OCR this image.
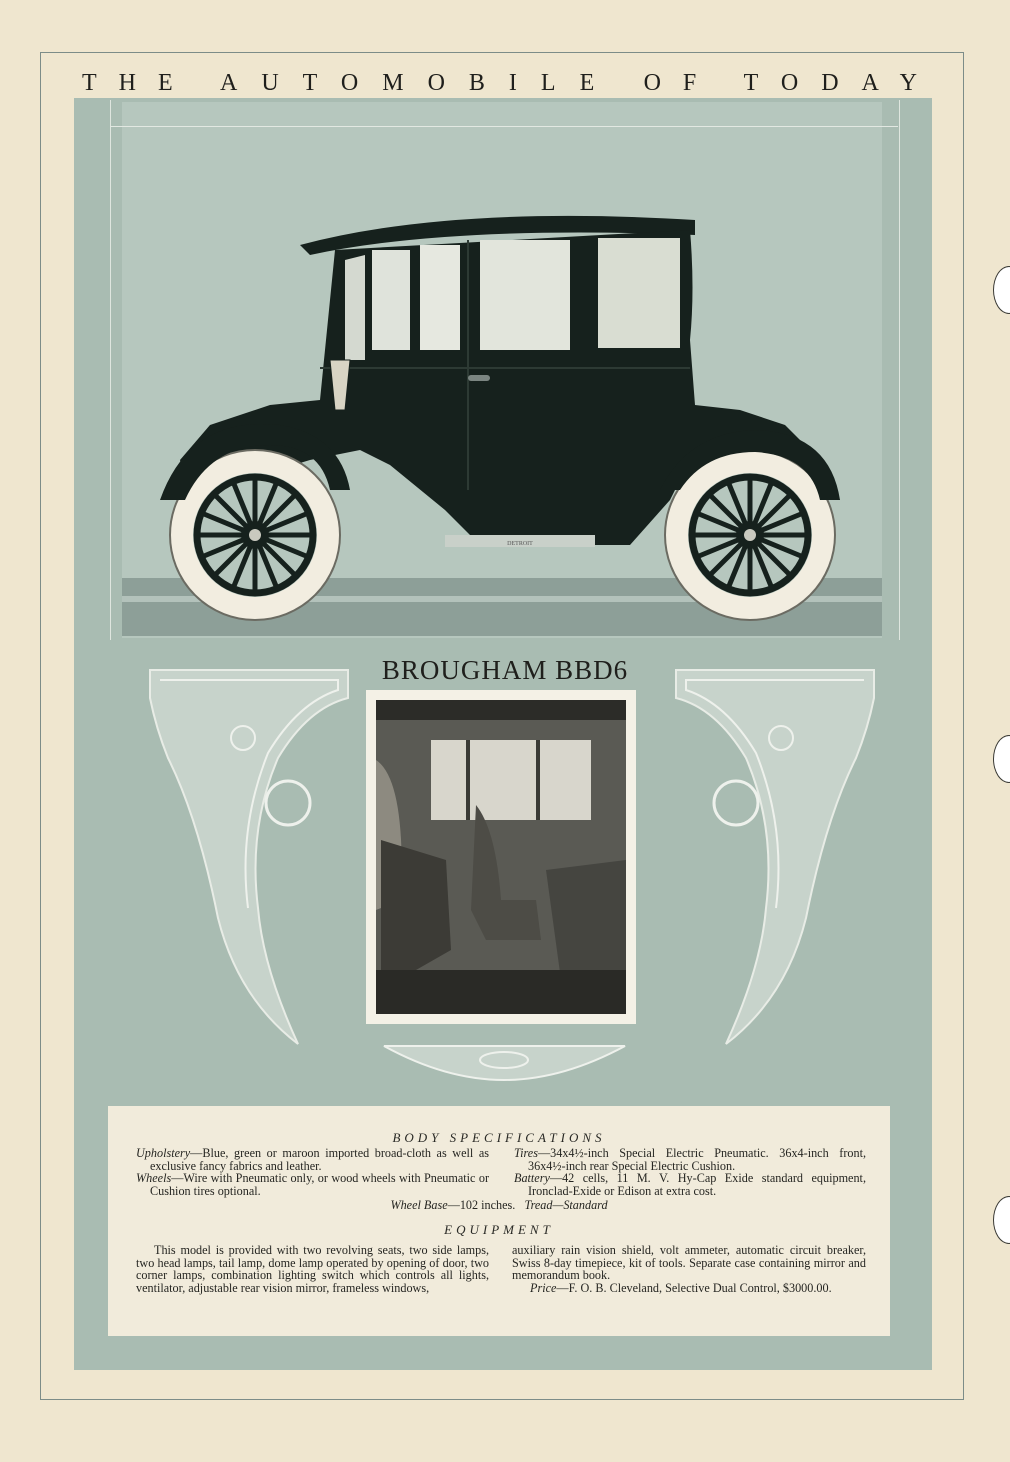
THE AUTOMOBILE OF TODAY
DETROIT
BROUGHAM BBD6
BODY SPECIFICATIONS

Upholstery—Blue, green or maroon imported broad-cloth as well as exclusive fancy fabrics and leather.

Wheels—Wire with Pneumatic only, or wood wheels with Pneumatic or Cushion tires optional.

Tires—34x4½-inch Special Electric Pneumatic. 36x4-inch front, 36x4½-inch rear Special Electric Cushion.

Battery—42 cells, 11 M. V. Hy-Cap Exide standard equipment, Ironclad-Exide or Edison at extra cost.

Wheel Base—102 inches. Tread—Standard
EQUIPMENT

This model is provided with two revolving seats, two side lamps, two head lamps, tail lamp, dome lamp operated by opening of door, two corner lamps, combination lighting switch which controls all lights, ventilator, adjustable rear vision mirror, frameless windows,

auxiliary rain vision shield, volt ammeter, automatic circuit breaker, Swiss 8-day timepiece, kit of tools. Separate case containing mirror and memorandum book.

Price—F. O. B. Cleveland, Selective Dual Control, $3000.00.
